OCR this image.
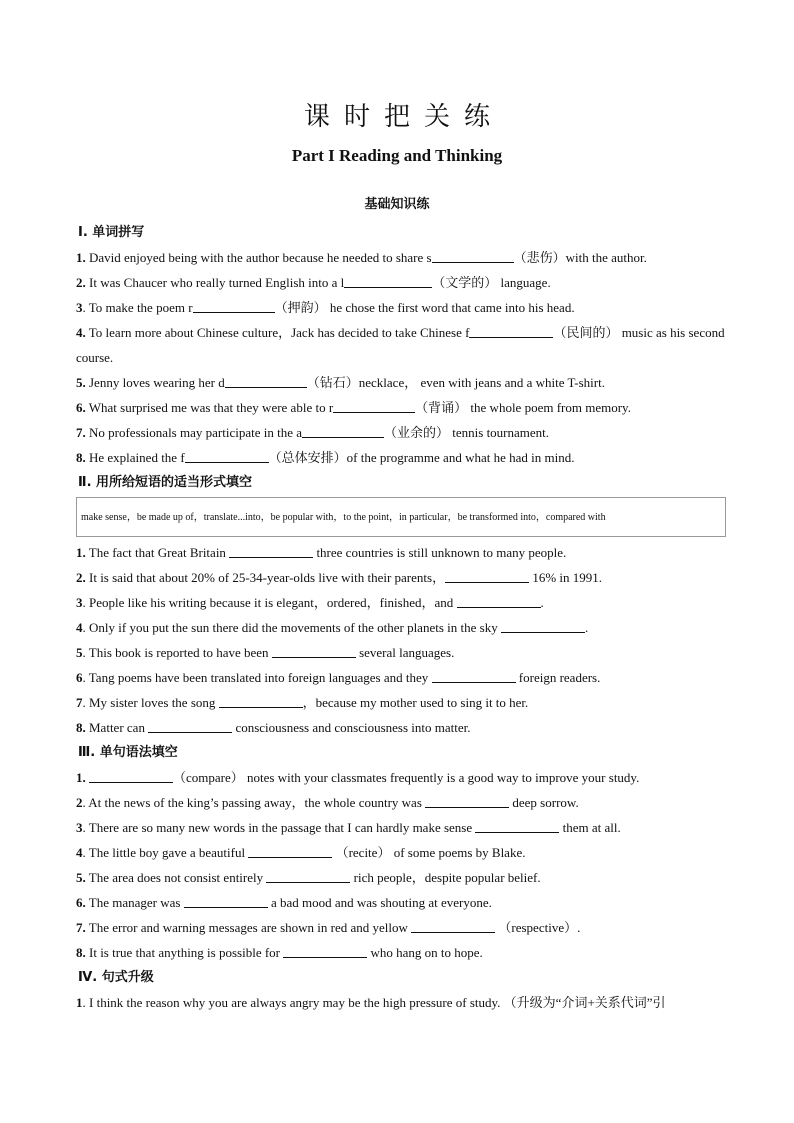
课时把关练
Part I Reading and Thinking
基础知识练
Ⅰ. 单词拼写
1. David enjoyed being with the author because he needed to share s	（悲伤）with the author.
2. It was Chaucer who really turned English into a l	（文学的） language.
3. To make the poem r	（押韵） he chose the first word that came into his head.
4. To learn more about Chinese culture，Jack has decided to take Chinese f	（民间的） music as his second course.
5. Jenny loves wearing her d	（钻石）necklace， even with jeans and a white T-shirt.
6. What surprised me was that they were able to r	（背诵） the whole poem from memory.
7. No professionals may participate in the a	（业余的） tennis tournament.
8. He explained the f	（总体安排）of the programme and what he had in mind.
Ⅱ. 用所给短语的适当形式填空
make sense，be made up of，translate...into，be popular with，to the point，in particular，be transformed into，compared with
1. The fact that Great Britain	three countries is still unknown to many people.
2. It is said that about 20% of 25-34-year-olds live with their parents，	16% in 1991.
3. People like his writing because it is elegant，ordered，finished，and	.
4. Only if you put the sun there did the movements of the other planets in the sky	.
5. This book is reported to have been	several languages.
6. Tang poems have been translated into foreign languages and they	foreign readers.
7. My sister loves the song	，because my mother used to sing it to her.
8. Matter can	consciousness and consciousness into matter.
Ⅲ. 单句语法填空
1.	（compare） notes with your classmates frequently is a good way to improve your study.
2. At the news of the king’s passing away，the whole country was	deep sorrow.
3. There are so many new words in the passage that I can hardly make sense	them at all.
4. The little boy gave a beautiful	（recite） of some poems by Blake.
5. The area does not consist entirely	rich people，despite popular belief.
6. The manager was	a bad mood and was shouting at everyone.
7. The error and warning messages are shown in red and yellow	（respective）.
8. It is true that anything is possible for	who hang on to hope.
Ⅳ. 句式升级
1. I think the reason why you are always angry may be the high pressure of study. （升级为“介词+关系代词”引
